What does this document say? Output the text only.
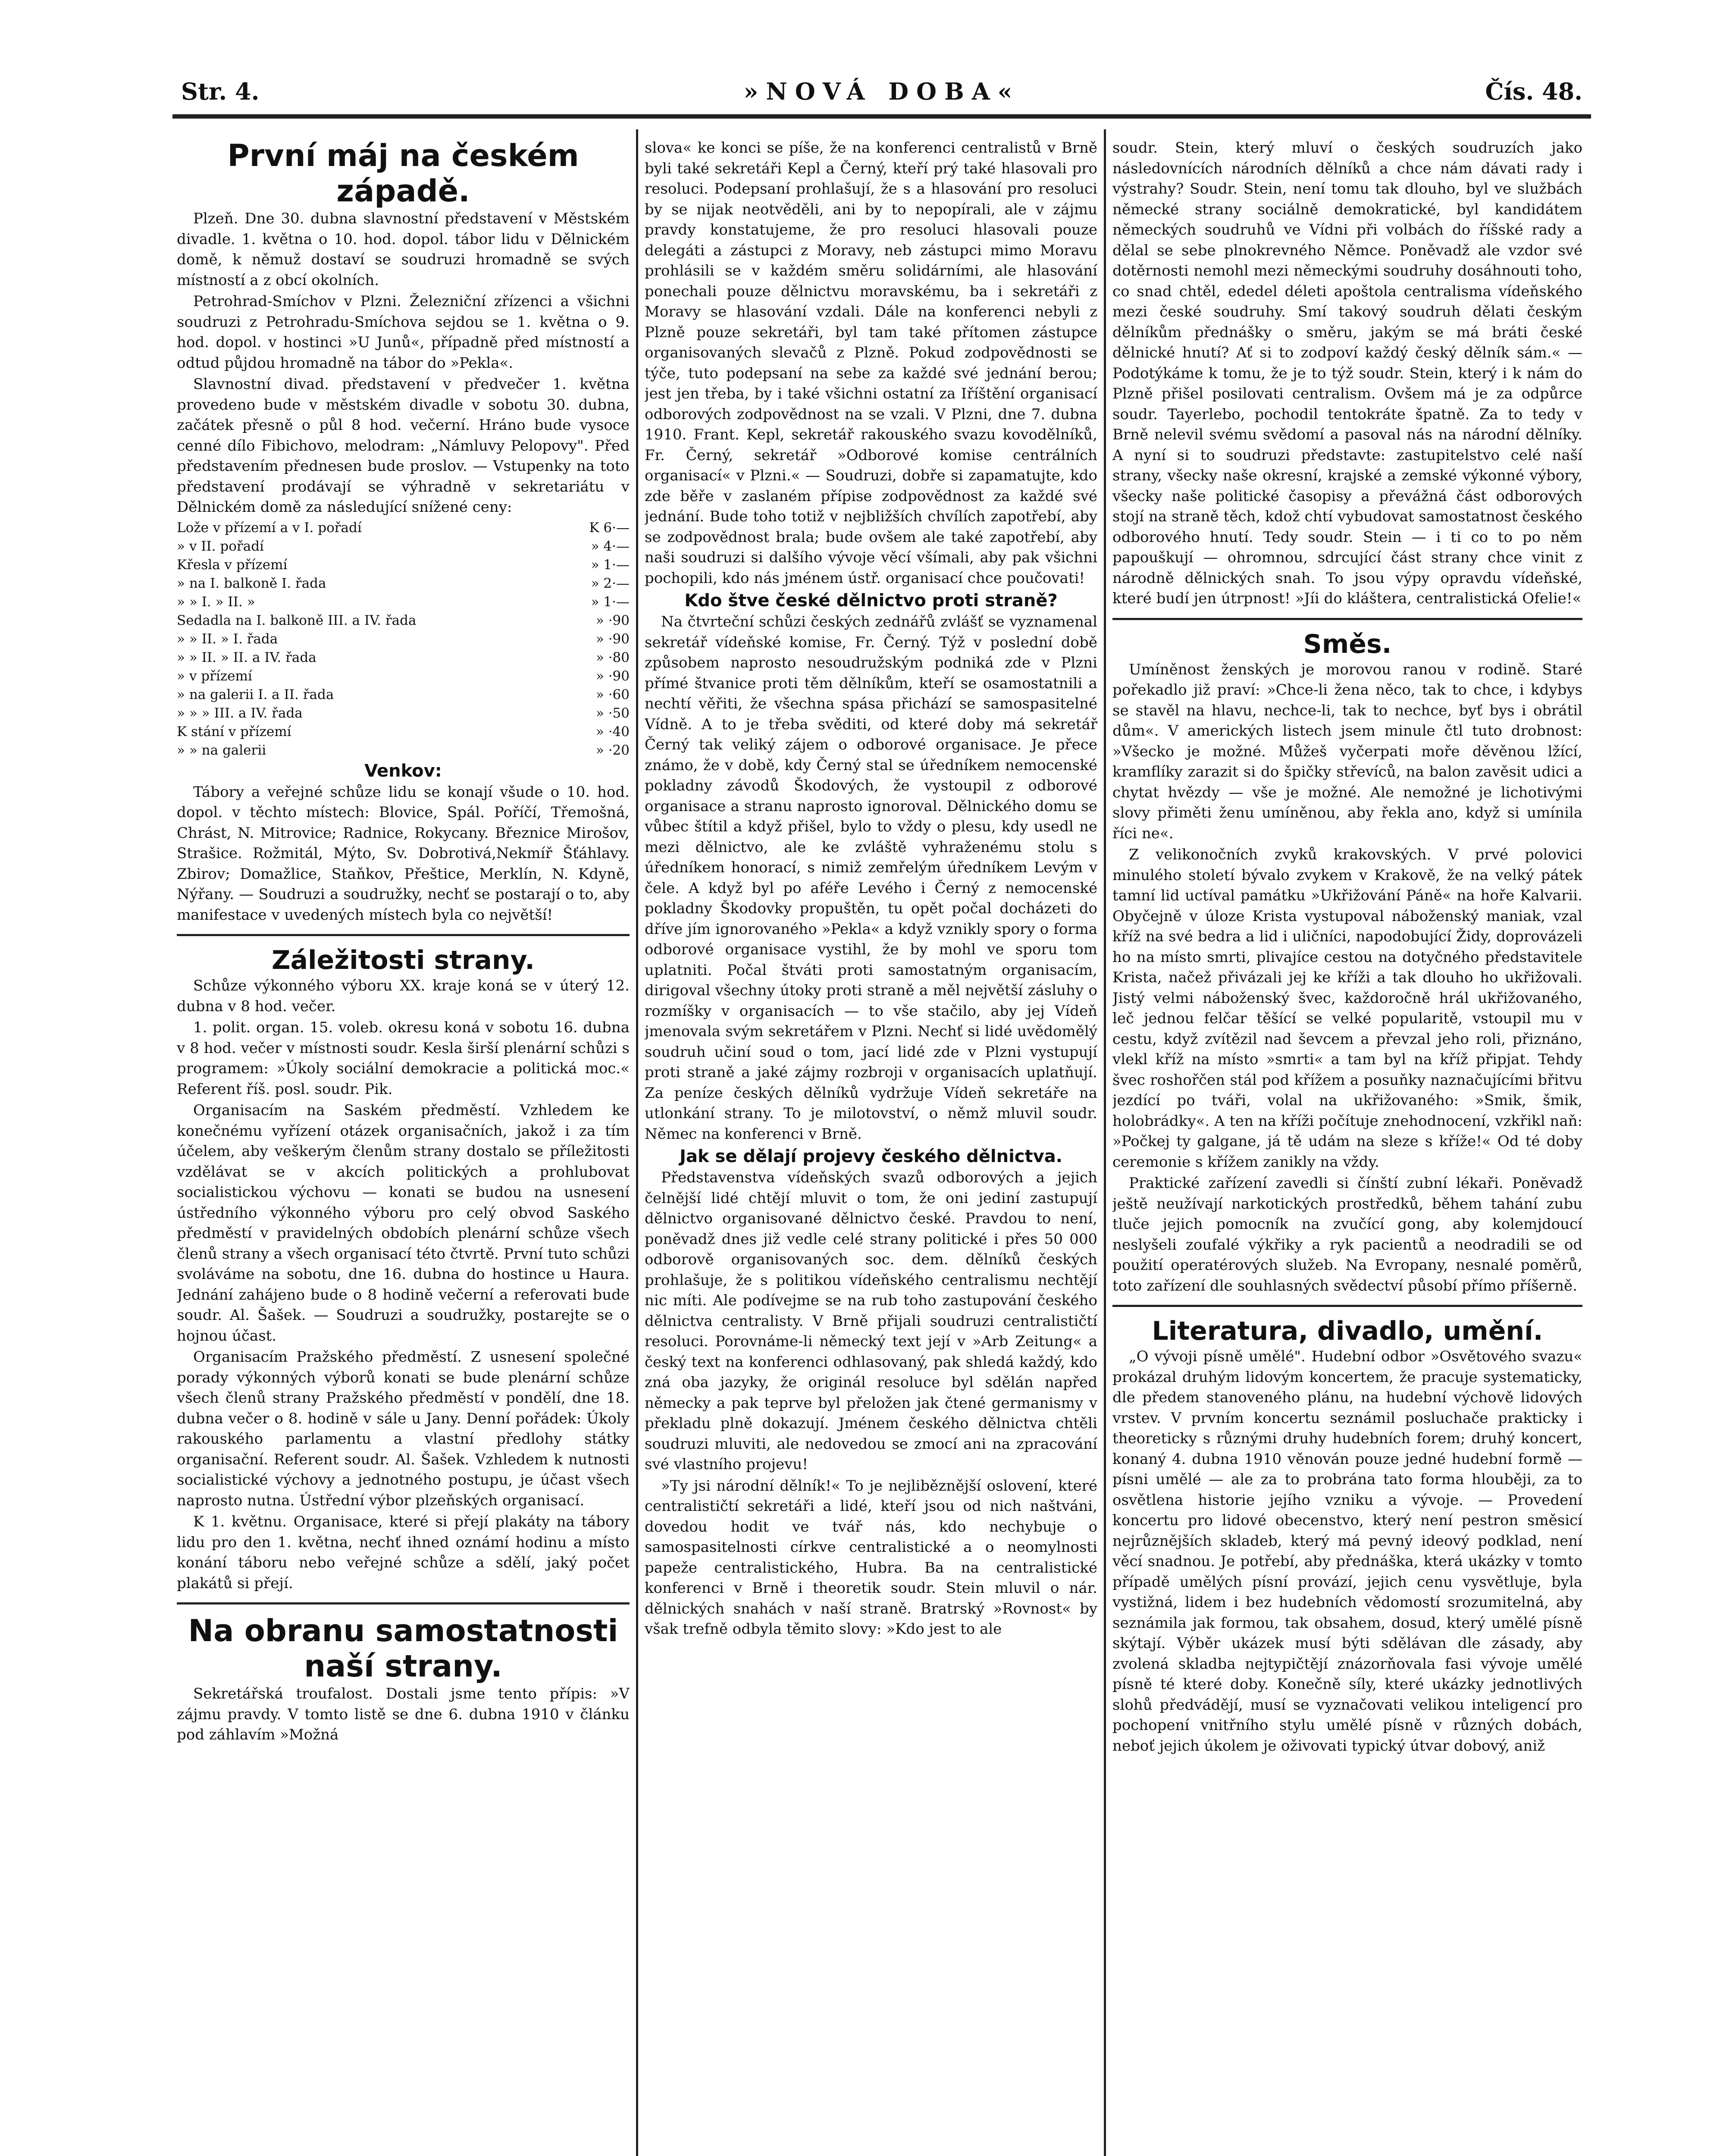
Str. 4.	»NOVÁ DOBA«	Čís. 48.
První máj na českém západě.

Plzeň. Dne 30. dubna slavnostní představení v Městském divadle. 1. května o 10. hod. dopol. tábor lidu v Dělnickém domě, k němuž dostaví se soudruzi hromadně se svých místností a z obcí okolních.

Petrohrad-Smíchov v Plzni. Železniční zřízenci a všichni soudruzi z Petrohradu-Smíchova sejdou se 1. května o 9. hod. dopol. v hostinci »U Junů«, případně před místností a odtud půjdou hromadně na tábor do »Pekla«.

Slavnostní divad. představení v předvečer 1. května provedeno bude v městském divadle v sobotu 30. dubna, začátek přesně o půl 8 hod. večerní. Hráno bude vysoce cenné dílo Fibichovo, melodram: „Námluvy Pelopovy". Před představením přednesen bude proslov. — Vstupenky na toto představení prodávají se výhradně v sekretariátu v Dělnickém domě za následující snížené ceny:

Lože v přízemí a v I. pořadí	K 6·—
» v II. pořadí	» 4·—
Křesla v přízemí	» 1·—
» na I. balkoně I. řada	» 2·—
» » I. » II. »	» 1·—
Sedadla na I. balkoně III. a IV. řada	» ·90
» » II. » I. řada	» ·90
» » II. » II. a IV. řada	» ·80
» v přízemí	» ·90
» na galerii I. a II. řada	» ·60
» » » III. a IV. řada	» ·50
K stání v přízemí	» ·40
» » na galerii	» ·20
Venkov:

Tábory a veřejné schůze lidu se konají všude o 10. hod. dopol. v těchto místech: Blovice, Spál. Poříčí, Třemošná, Chrást, N. Mitrovice; Radnice, Rokycany. Březnice Mirošov, Strašice. Rožmitál, Mýto, Sv. Dobrotivá,Nekmíř Šťáhlavy. Zbirov; Domažlice, Staňkov, Přeštice, Merklín, N. Kdyně, Nýřany. — Soudruzi a soudružky, nechť se postarají o to, aby manifestace v uvedených místech byla co největší!

Záležitosti strany.

Schůze výkonného výboru XX. kraje koná se v úterý 12. dubna v 8 hod. večer.

1. polit. organ. 15. voleb. okresu koná v sobotu 16. dubna v 8 hod. večer v místnosti soudr. Kesla širší plenární schůzi s programem: »Úkoly sociální demokracie a politická moc.« Referent říš. posl. soudr. Pik.

Organisacím na Saském předměstí. Vzhledem ke konečnému vyřízení otázek organisačních, jakož i za tím účelem, aby veškerým členům strany dostalo se příležitosti vzdělávat se v akcích politických a prohlubovat socialistickou výchovu — konati se budou na usnesení ústředního výkonného výboru pro celý obvod Saského předměstí v pravidelných obdobích plenární schůze všech členů strany a všech organisací této čtvrtě. První tuto schůzi svoláváme na sobotu, dne 16. dubna do hostince u Haura. Jednání zahájeno bude o 8 hodině večerní a referovati bude soudr. Al. Šašek. — Soudruzi a soudružky, postarejte se o hojnou účast.

Organisacím Pražského předměstí. Z usnesení společné porady výkonných výborů konati se bude plenární schůze všech členů strany Pražského předměstí v pondělí, dne 18. dubna večer o 8. hodině v sále u Jany. Denní pořádek: Úkoly rakouského parlamentu a vlastní předlohy státky organisační. Referent soudr. Al. Šašek. Vzhledem k nutnosti socialistické výchovy a jednotného postupu, je účast všech naprosto nutna. Ústřední výbor plzeňských organisací.

K 1. květnu. Organisace, které si přejí plakáty na tábory lidu pro den 1. května, nechť ihned oznámí hodinu a místo konání táboru nebo veřejné schůze a sdělí, jaký počet plakátů si přejí.

Na obranu samostatnosti naší strany.

Sekretářská troufalost. Dostali jsme tento přípis: »V zájmu pravdy. V tomto listě se dne 6. dubna 1910 v článku pod záhlavím »Možná

slova« ke konci se píše, že na konferenci centralistů v Brně byli také sekretáři Kepl a Černý, kteří prý také hlasovali pro resoluci. Podepsaní prohlašují, že s a hlasování pro resoluci by se nijak neotvěděli, ani by to nepopírali, ale v zájmu pravdy konstatujeme, že pro resoluci hlasovali pouze delegáti a zástupci z Moravy, neb zástupci mimo Moravu prohlásili se v každém směru solidárními, ale hlasování ponechali pouze dělnictvu moravskému, ba i sekretáři z Moravy se hlasování vzdali. Dále na konferenci nebyli z Plzně pouze sekretáři, byl tam také přítomen zástupce organisovaných slevačů z Plzně. Pokud zodpovědnosti se týče, tuto podepsaní na sebe za každé své jednání berou; jest jen třeba, by i také všichni ostatní za Iříštění organisací odborových zodpovědnost na se vzali. V Plzni, dne 7. dubna 1910. Frant. Kepl, sekretář rakouského svazu kovodělníků, Fr. Černý, sekretář »Odborové komise centrálních organisací« v Plzni.« — Soudruzi, dobře si zapamatujte, kdo zde běře v zaslaném přípise zodpovědnost za každé své jednání. Bude toho totiž v nejbližších chvílích zapotřebí, aby se zodpovědnost brala; bude ovšem ale také zapotřebí, aby naši soudruzi si dalšího vývoje věcí všímali, aby pak všichni pochopili, kdo nás jménem ústř. organisací chce poučovati!

Kdo štve české dělnictvo proti straně?

Na čtvrteční schůzi českých zednářů zvlášť se vyznamenal sekretář vídeňské komise, Fr. Černý. Týž v poslední době způsobem naprosto nesoudružským podniká zde v Plzni přímé štvanice proti těm dělníkům, kteří se osamostatnili a nechtí věřiti, že všechna spása přichází se samospasitelné Vídně. A to je třeba svěditi, od které doby má sekretář Černý tak veliký zájem o odborové organisace. Je přece známo, že v době, kdy Černý stal se úředníkem nemocenské pokladny závodů Škodových, že vystoupil z odborové organisace a stranu naprosto ignoroval. Dělnického domu se vůbec štítil a když přišel, bylo to vždy o plesu, kdy usedl ne mezi dělnictvo, ale ke zvláště vyhraženému stolu s úředníkem honorací, s nimiž zemřelým úředníkem Levým v čele. A když byl po aféře Levého i Černý z nemocenské pokladny Škodovky propuštěn, tu opět počal docházeti do dříve jím ignorovaného »Pekla« a když vznikly spory o forma odborové organisace vystihl, že by mohl ve sporu tom uplatniti. Počal štváti proti samostatným organisacím, dirigoval všechny útoky proti straně a měl největší zásluhy o rozmíšky v organisacích — to vše stačilo, aby jej Vídeň jmenovala svým sekretářem v Plzni. Nechť si lidé uvědomělý soudruh učiní soud o tom, jací lidé zde v Plzni vystupují proti straně a jaké zájmy rozbroji v organisacích uplatňují. Za peníze českých dělníků vydržuje Vídeň sekretáře na utlonkání strany. To je milotovství, o němž mluvil soudr. Němec na konferenci v Brně.

Jak se dělají projevy českého dělnictva.

Představenstva vídeňských svazů odborových a jejich čelnější lidé chtějí mluvit o tom, že oni jediní zastupují dělnictvo organisované dělnictvo české. Pravdou to není, poněvadž dnes již vedle celé strany politické i přes 50 000 odborově organisovaných soc. dem. dělníků českých prohlašuje, že s politikou vídeňského centralismu nechtějí nic míti. Ale podívejme se na rub toho zastupování českého dělnictva centralisty. V Brně přijali soudruzi centralističtí resoluci. Porovnáme-li německý text její v »Arb Zeitung« a český text na konferenci odhlasovaný, pak shledá každý, kdo zná oba jazyky, že originál resoluce byl sdělán napřed německy a pak teprve byl přeložen jak čtené germanismy v překladu plně dokazují. Jménem českého dělnictva chtěli soudruzi mluviti, ale nedovedou se zmocí ani na zpracování své vlastního projevu!

»Ty jsi národní dělník!« To je nejliběznější oslovení, které centralističtí sekretáři a lidé, kteří jsou od nich naštváni, dovedou hodit ve tvář nás, kdo nechybuje o samospasitelnosti církve centralistické a o neomylnosti papeže centralistického, Hubra. Ba na centralistické konferenci v Brně i theoretik soudr. Stein mluvil o nár. dělnických snahách v naší straně. Bratrský »Rovnost« by však trefně odbyla těmito slovy: »Kdo jest to ale

soudr. Stein, který mluví o českých soudruzích jako následovnících národních dělníků a chce nám dávati rady i výstrahy? Soudr. Stein, není tomu tak dlouho, byl ve službách německé strany sociálně demokratické, byl kandidátem německých soudruhů ve Vídni při volbách do říšské rady a dělal se sebe plnokrevného Němce. Poněvadž ale vzdor své dotěrnosti nemohl mezi německými soudruhy dosáhnouti toho, co snad chtěl, ededel déleti apoštola centralisma vídeňského mezi české soudruhy. Smí takový soudruh dělati českým dělníkům přednášky o směru, jakým se má bráti české dělnické hnutí? Ať si to zodpoví každý český dělník sám.« — Podotýkáme k tomu, že je to týž soudr. Stein, který i k nám do Plzně přišel posilovati centralism. Ovšem má je za odpůrce soudr. Tayerlebo, pochodil tentokráte špatně. Za to tedy v Brně nelevil svému svědomí a pasoval nás na národní dělníky. A nyní si to soudruzi představte: zastupitelstvo celé naší strany, všecky naše okresní, krajské a zemské výkonné výbory, všecky naše politické časopisy a převážná část odborových stojí na straně těch, kdož chtí vybudovat samostatnost českého odborového hnutí. Tedy soudr. Stein — i ti co to po něm papouškují — ohromnou, sdrcující část strany chce vinit z národně dělnických snah. To jsou výpy opravdu vídeňské, které budí jen útrpnost! »Jíi do kláštera, centralistická Ofelie!«

Směs.

Umíněnost ženských je morovou ranou v rodině. Staré pořekadlo již praví: »Chce-li žena něco, tak to chce, i kdybys se stavěl na hlavu, nechce-li, tak to nechce, byť bys i obrátil dům«. V amerických listech jsem minule čtl tuto drobnost: »Všecko je možné. Můžeš vyčerpati moře děvěnou lžící, kramflíky zarazit si do špičky střevíců, na balon zavěsit udici a chytat hvězdy — vše je možné. Ale nemožné je lichotivými slovy přiměti ženu umíněnou, aby řekla ano, když si umínila říci ne«.

Z velikonočních zvyků krakovských. V prvé polovici minulého století bývalo zvykem v Krakově, že na velký pátek tamní lid uctíval památku »Ukřižování Páně« na hoře Kalvarii. Obyčejně v úloze Krista vystupoval náboženský maniak, vzal kříž na své bedra a lid i uličníci, napodobující Židy, doprovázeli ho na místo smrti, plivajíce cestou na dotyčného představitele Krista, načež přivázali jej ke kříži a tak dlouho ho ukřižovali. Jistý velmi náboženský švec, každoročně hrál ukřižovaného, leč jednou felčar těšící se velké popularitě, vstoupil mu v cestu, když zvítězil nad ševcem a převzal jeho roli, přiznáno, vlekl kříž na místo »smrti« a tam byl na kříž připjat. Tehdy švec roshořčen stál pod křížem a posuňky naznačujícími břitvu jezdící po tváři, volal na ukřižovaného: »Smik, šmik, holobrádky«. A ten na kříži počítuje znehodnocení, vzkřikl naň: »Počkej ty galgane, já tě udám na sleze s kříže!« Od té doby ceremonie s křížem zanikly na vždy.

Praktické zařízení zavedli si čínští zubní lékaři. Poněvadž ještě neužívají narkotických prostředků, během tahání zubu tluče jejich pomocník na zvučící gong, aby kolemjdoucí neslyšeli zoufalé výkřiky a ryk pacientů a neodradili se od použití operatérových služeb. Na Evropany, nesnalé poměrů, toto zařízení dle souhlasných svědectví působí přímo příšerně.

Literatura, divadlo, umění.

„O vývoji písně umělé". Hudební odbor »Osvětového svazu« prokázal druhým lidovým koncertem, že pracuje systematicky, dle předem stanoveného plánu, na hudební výchově lidových vrstev. V prvním koncertu seznámil posluchače prakticky i theoreticky s různými druhy hudebních forem; druhý koncert, konaný 4. dubna 1910 věnován pouze jedné hudební formě — písni umělé — ale za to probrána tato forma hlouběji, za to osvětlena historie jejího vzniku a vývoje. — Provedení koncertu pro lidové obecenstvo, který není pestron směsicí nejrůznějších skladeb, který má pevný ideový podklad, není věcí snadnou. Je potřebí, aby přednáška, která ukázky v tomto případě umělých písní provází, jejich cenu vysvětluje, byla vystižná, lidem i bez hudebních vědomostí srozumitelná, aby seznámila jak formou, tak obsahem, dosud, který umělé písně skýtají. Výběr ukázek musí býti sdělávan dle zásady, aby zvolená skladba nejtypičtějí znázorňovala fasi vývoje umělé písně té které doby. Konečně síly, které ukázky jednotlivých slohů předvádějí, musí se vyznačovati velikou inteligencí pro pochopení vnitřního stylu umělé písně v různých dobách, neboť jejich úkolem je oživovati typický útvar dobový, aniž
